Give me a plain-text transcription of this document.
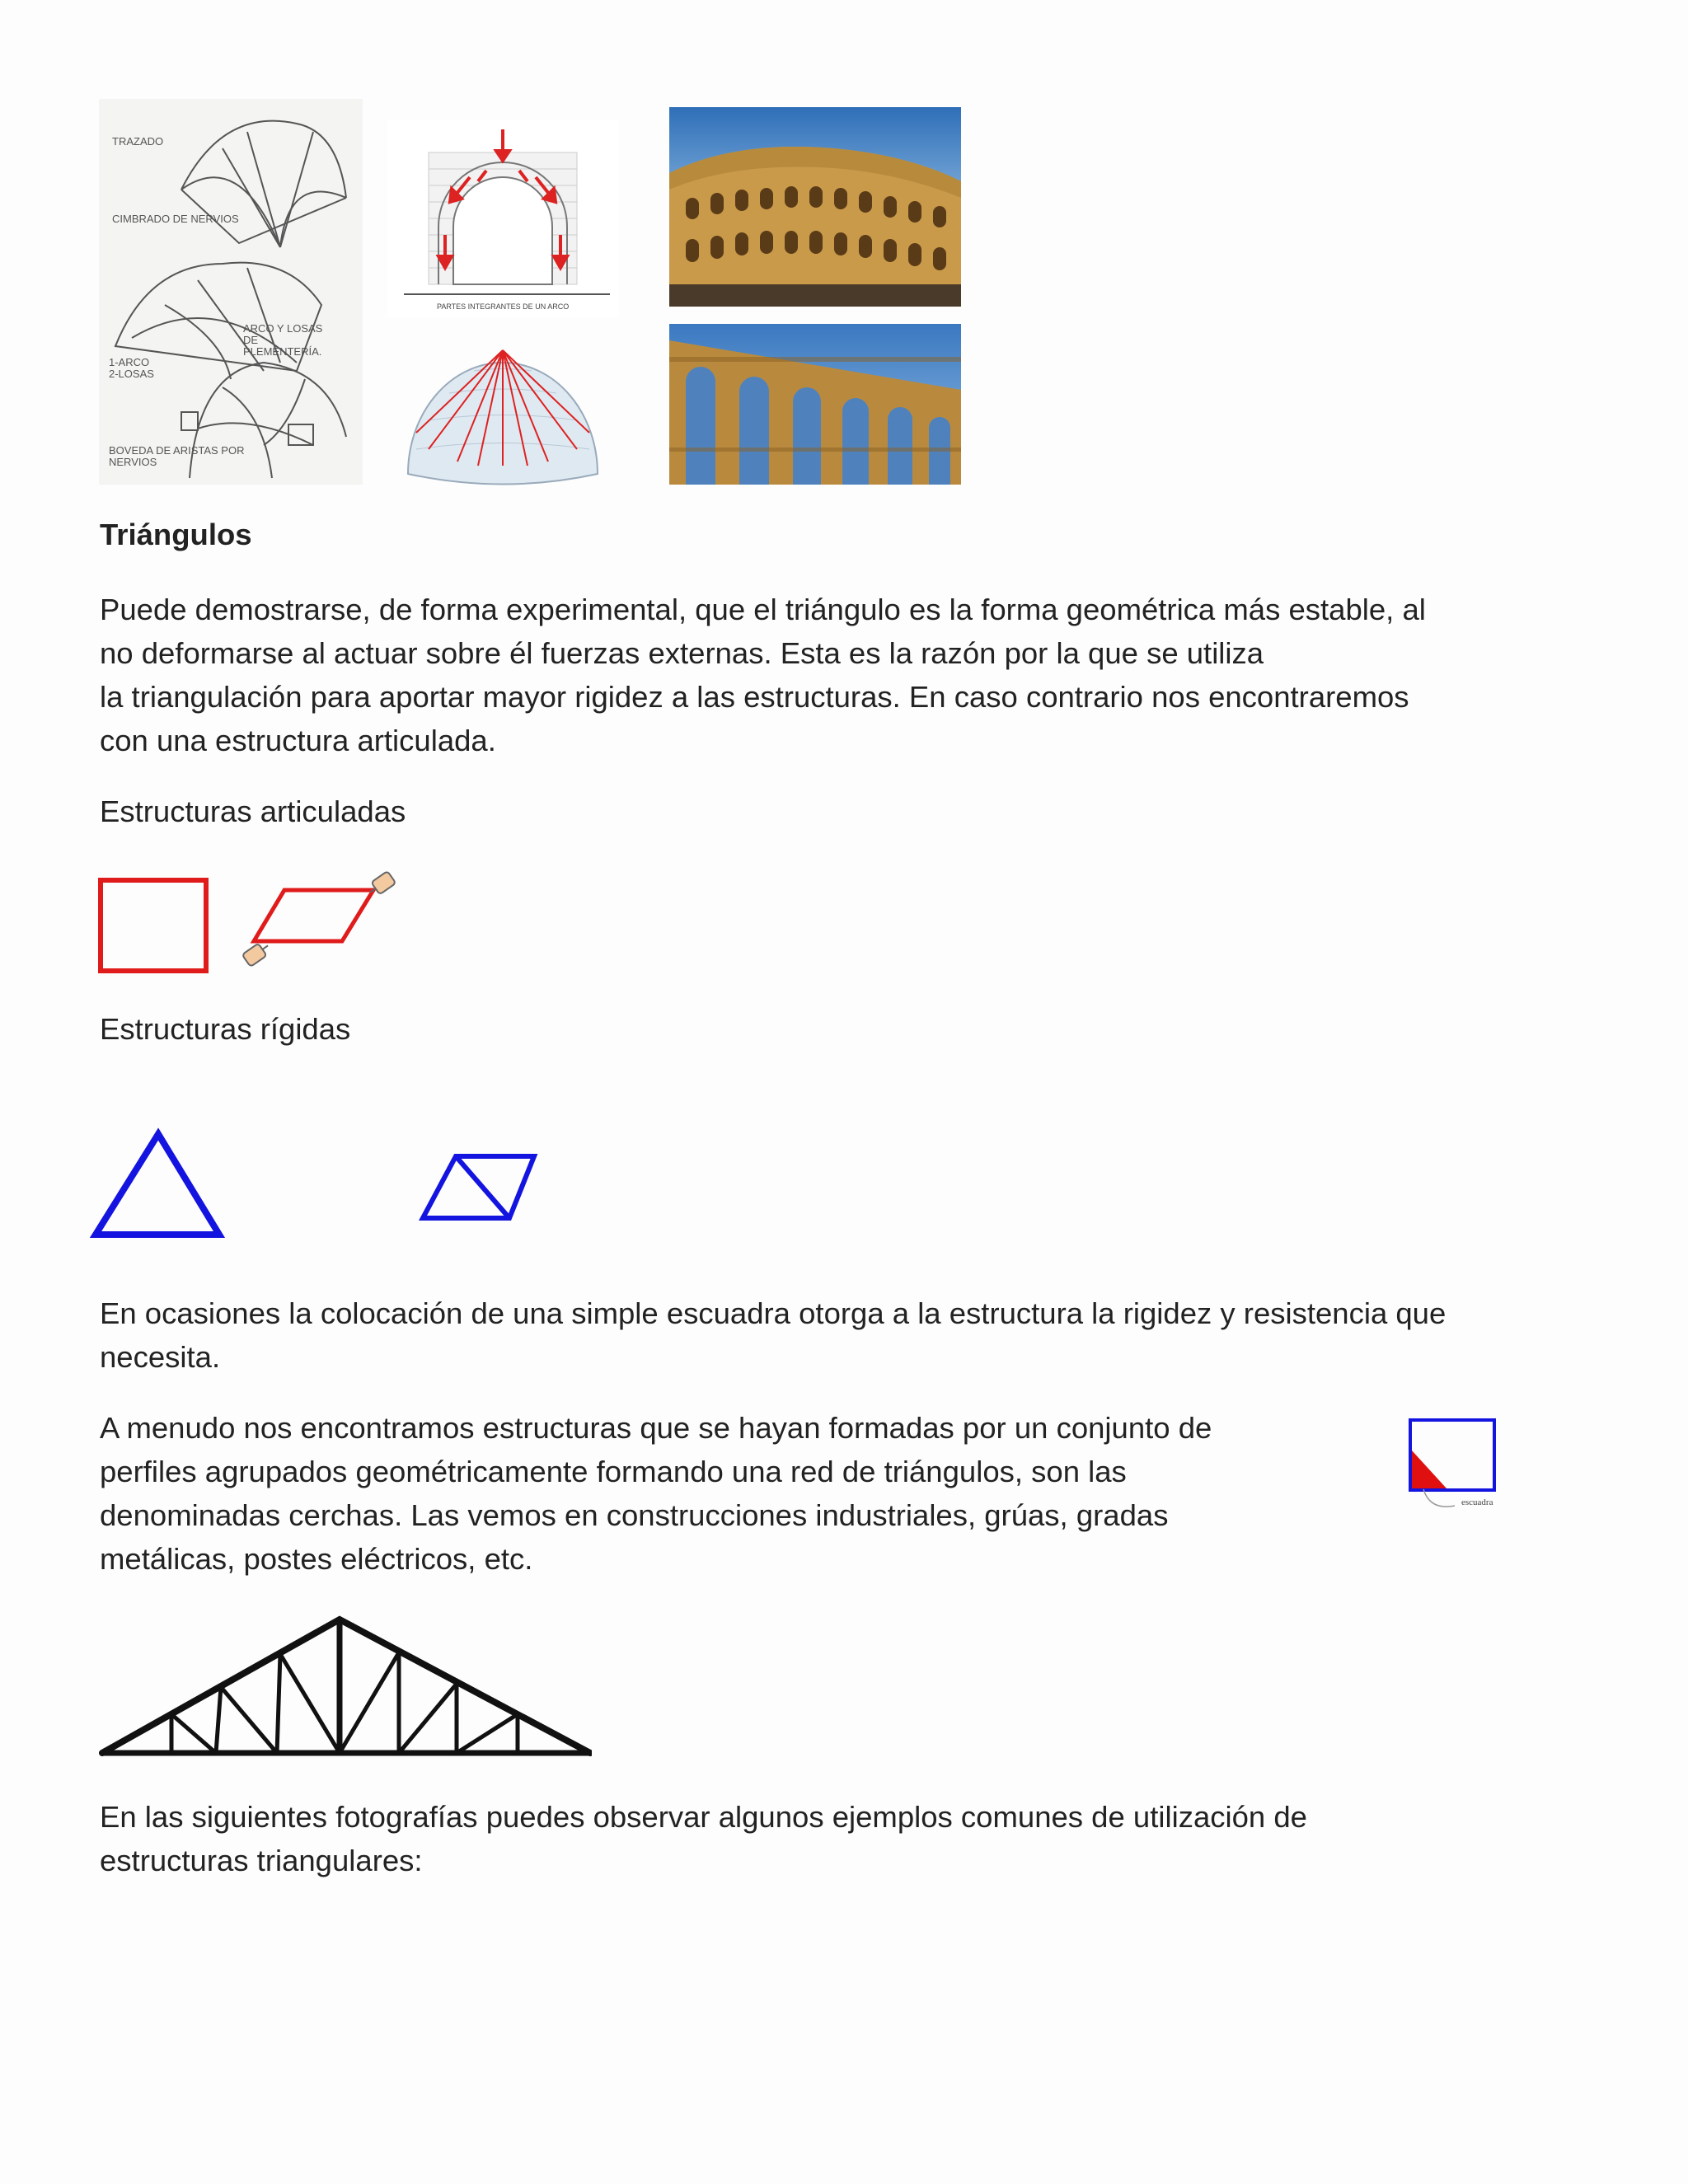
TRAZADO
CIMBRADO DE NERVIOS
ARCO Y LOSAS DE PLEMENTERÍA.
1-ARCO
2-LOSAS
BOVEDA DE ARISTAS POR NERVIOS
PARTES INTEGRANTES DE UN ARCO
Triángulos

Puede demostrarse, de forma experimental, que el triángulo es la forma geométrica más estable, al

no deformarse al actuar sobre él fuerzas externas. Esta es la razón por la que se utiliza

la triangulación para aportar mayor rigidez a las estructuras. En caso contrario nos encontraremos

con una estructura articulada.

Estructuras articuladas
Estructuras rígidas

En ocasiones la colocación de una simple escuadra otorga a la estructura la rigidez y resistencia que

necesita.

A menudo nos encontramos estructuras que se hayan formadas por un conjunto de

perfiles agrupados geométricamente formando una red de triángulos, son las

denominadas cerchas. Las vemos en construcciones industriales, grúas, gradas

metálicas, postes eléctricos, etc.

escuadra

En las siguientes fotografías puedes observar algunos ejemplos comunes de utilización de

estructuras triangulares:
